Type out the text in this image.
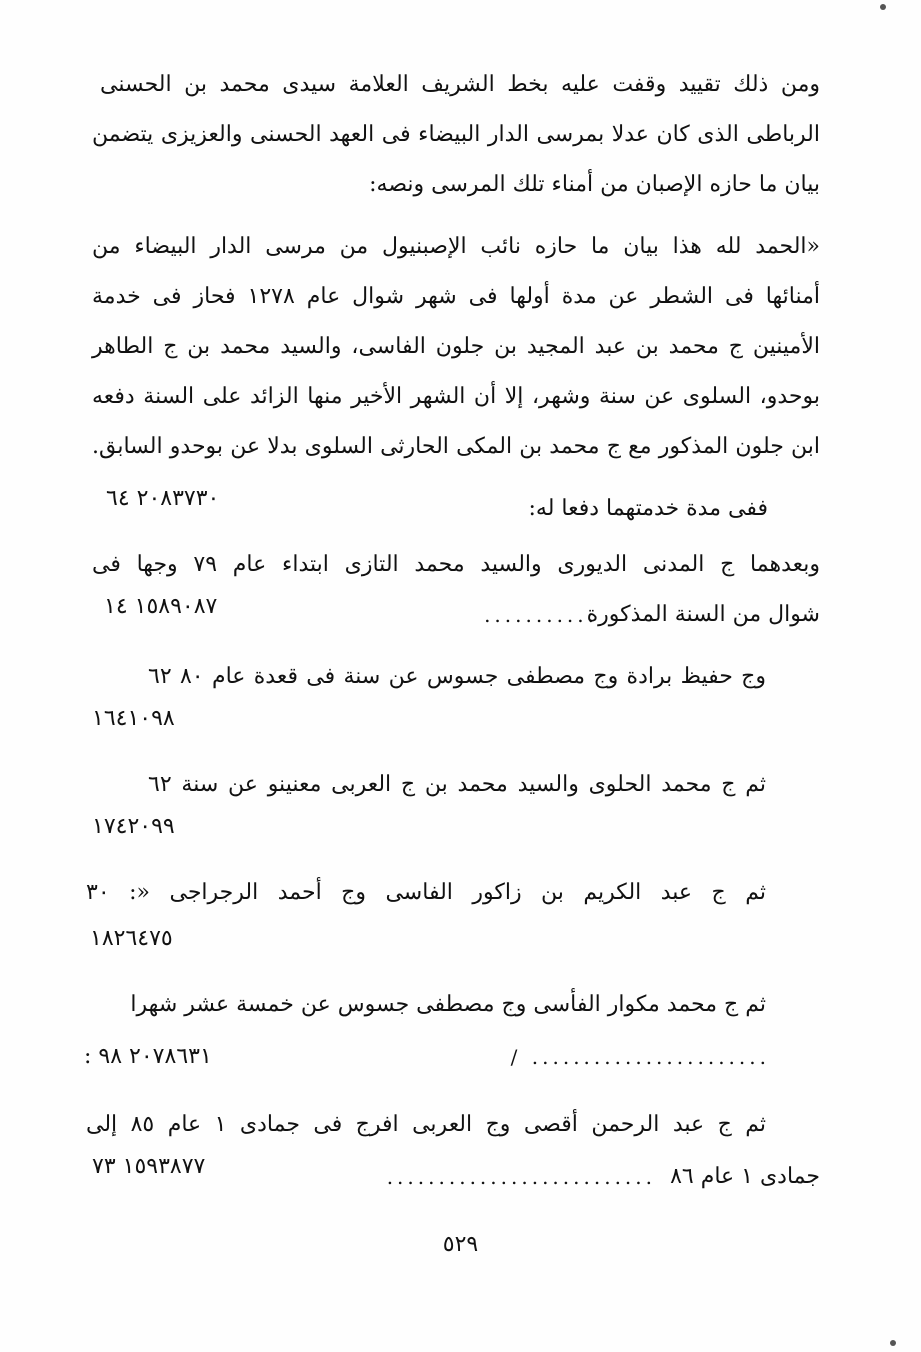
ومن ذلك تقييد وقفت عليه بخط الشريف العلامة سيدى محمد بن الحسنى
الرباطى الذى كان عدلا بمرسى الدار البيضاء فى العهد الحسنى والعزيزى يتضمن
بيان ما حازه الإصبان من أمناء تلك المرسى ونصه:
«الحمد لله هذا بيان ما حازه نائب الإصبنيول من مرسى الدار البيضاء من
أمنائها فى الشطر عن مدة أولها فى شهر شوال عام ١٢٧٨ فحاز فى خدمة
الأمينين ج محمد بن عبد المجيد بن جلون الفاسى، والسيد محمد بن ج الطاهر
بوحدو، السلوى عن سنة وشهر، إلا أن الشهر الأخير منها الزائد على السنة دفعه
ابن جلون المذكور مع ج محمد بن المكى الحارثى السلوى بدلا عن بوحدو السابق.
ففى مدة خدمتهما دفعا له:
٢٠٨٣٧٣٠ ٦٤
وبعدهما ج المدنى الديورى والسيد محمد التازى ابتداء عام ٧٩ وجها فى
شوال من السنة المذكورة
...........
١٥٨٩٠٨٧ ١٤
وج حفيظ برادة وج مصطفى جسوس عن سنة فى قعدة عام ٨٠ ٦٢
١٦٤١٠٩٨
ثم ج محمد الحلوى والسيد محمد بن ج العربى معنينو عن سنة ٦٢
١٧٤٢٠٩٩
ثم ج عبد الكريم بن زاكور الفاسى وج أحمد الرجراجى «: ٣٠
١٨٢٦٤٧٥
ثم ج محمد مكوار الفأسى وج مصطفى جسوس عن خمسة عشر شهرا
....................... /
٢٠٧٨٦٣١ ٩٨ :
ثم ج عبد الرحمن أقصى وج العربى افرج فى جمادى ١ عام ٨٥ إلى
جمادى ١ عام ٨٦
..........................
١٥٩٣٨٧٧ ٧٣
٥٢٩
